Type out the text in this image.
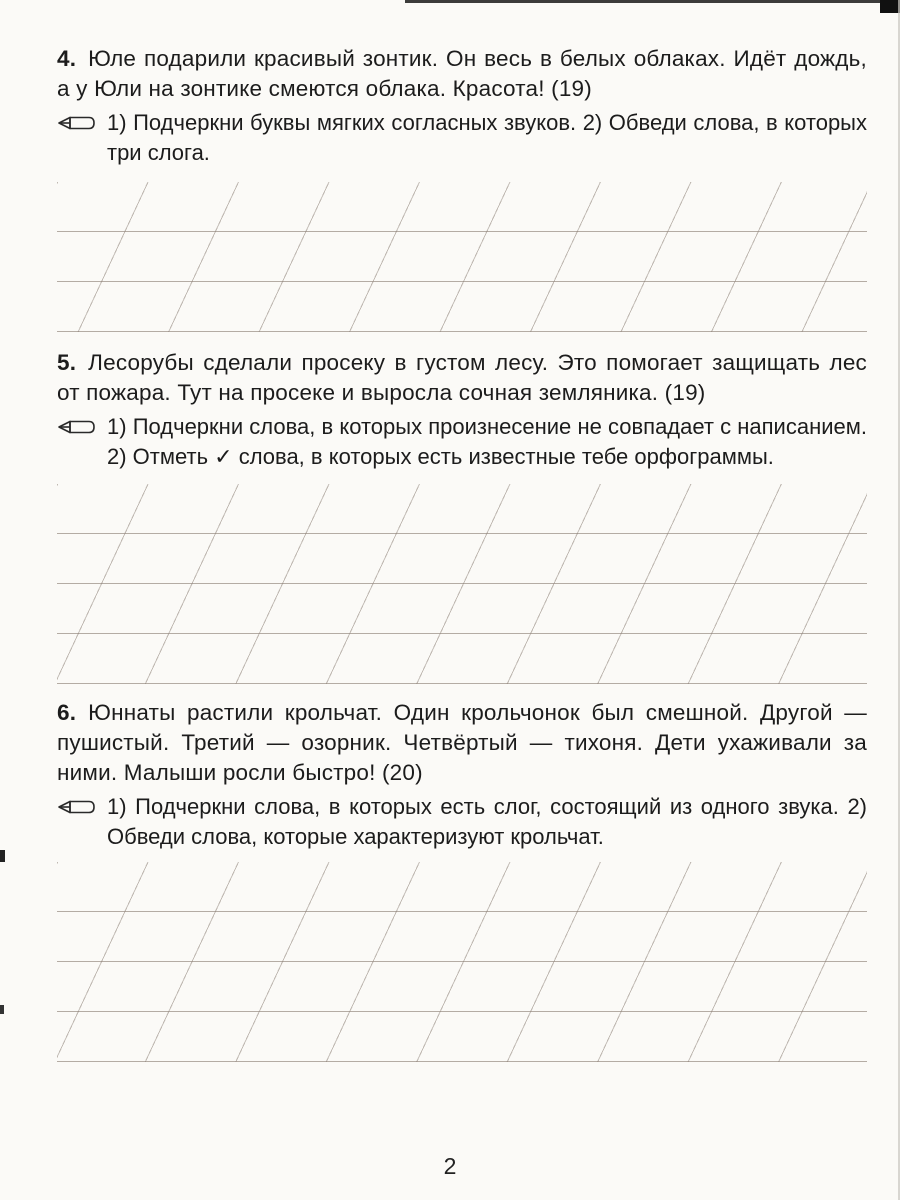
4. Юле подарили красивый зонтик. Он весь в белых облаках. Идёт дождь, а у Юли на зонтике смеются облака. Красота! (19)

1) Подчеркни буквы мягких согласных звуков. 2) Обведи слова, в которых три слога.

5. Лесорубы сделали просеку в густом лесу. Это помогает защищать лес от пожара. Тут на просеке и выросла сочная земляника. (19)

1) Подчеркни слова, в которых произнесение не совпадает с написанием. 2) Отметь ✓ слова, в которых есть известные тебе орфограммы.

6. Юннаты растили крольчат. Один крольчонок был смешной. Другой — пушистый. Третий — озорник. Четвёртый — тихоня. Дети ухаживали за ними. Малыши росли быстро! (20)

1) Подчеркни слова, в которых есть слог, состоящий из одного звука. 2) Обведи слова, которые характеризуют крольчат.
2
